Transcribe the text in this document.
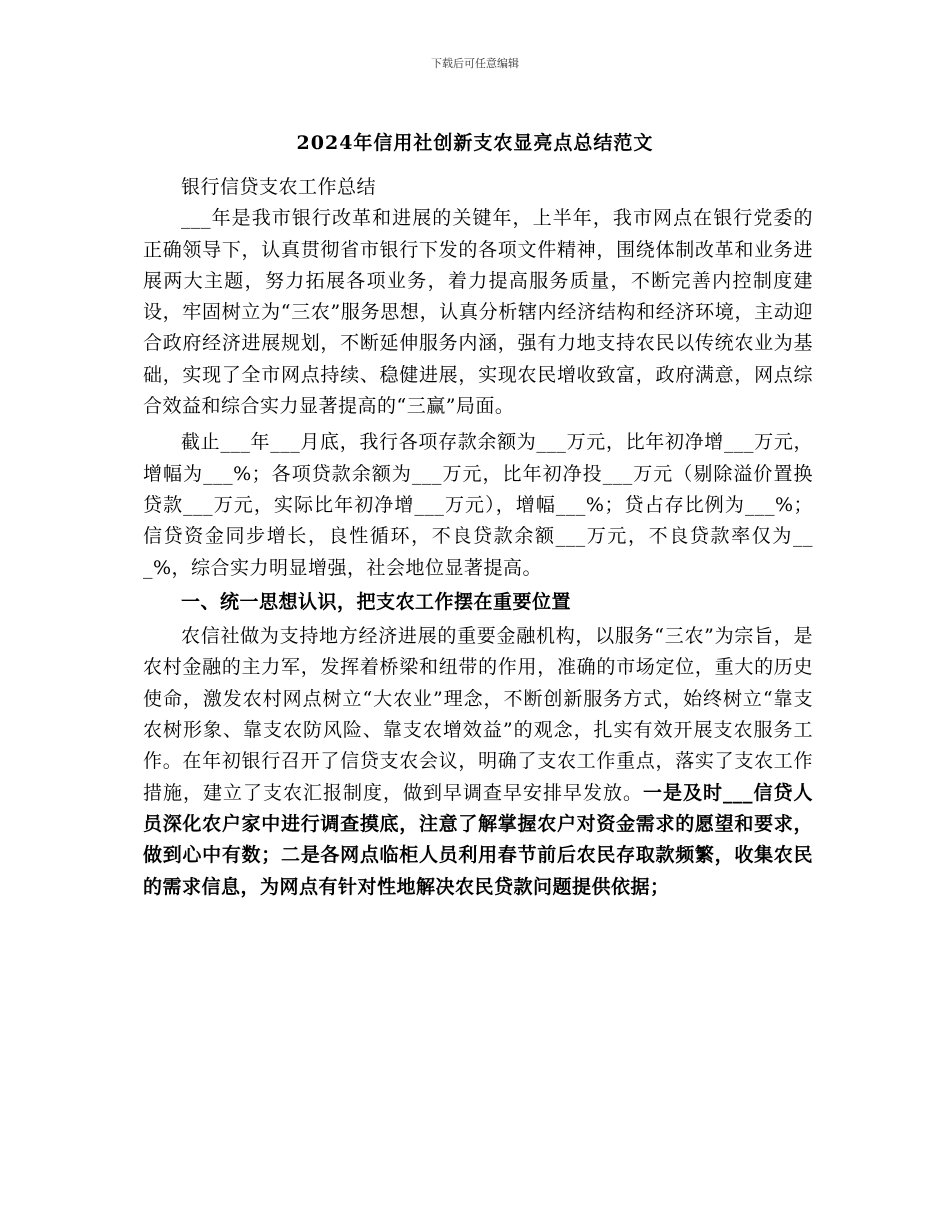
下载后可任意编辑
2024年信用社创新支农显亮点总结范文

银行信贷支农工作总结

___年是我市银行改革和进展的关键年，上半年，我市网点在银行党委的正确领导下，认真贯彻省市银行下发的各项文件精神，围绕体制改革和业务进展两大主题，努力拓展各项业务，着力提高服务质量，不断完善内控制度建设，牢固树立为“三农”服务思想，认真分析辖内经济结构和经济环境，主动迎合政府经济进展规划，不断延伸服务内涵，强有力地支持农民以传统农业为基础，实现了全市网点持续、稳健进展，实现农民增收致富，政府满意，网点综合效益和综合实力显著提高的“三赢”局面。

截止___年___月底，我行各项存款余额为___万元，比年初净增___万元，增幅为___%；各项贷款余额为___万元，比年初净投___万元（剔除溢价置换贷款___万元，实际比年初净增___万元），增幅___%；贷占存比例为___%；信贷资金同步增长，良性循环，不良贷款余额___万元，不良贷款率仅为___%，综合实力明显增强，社会地位显著提高。

一、统一思想认识，把支农工作摆在重要位置

农信社做为支持地方经济进展的重要金融机构，以服务“三农”为宗旨，是农村金融的主力军，发挥着桥梁和纽带的作用，准确的市场定位，重大的历史使命，激发农村网点树立“大农业”理念，不断创新服务方式，始终树立“靠支农树形象、靠支农防风险、靠支农增效益”的观念，扎实有效开展支农服务工作。在年初银行召开了信贷支农会议，明确了支农工作重点，落实了支农工作措施，建立了支农汇报制度，做到早调查早安排早发放。一是及时___信贷人员深化农户家中进行调查摸底，注意了解掌握农户对资金需求的愿望和要求，做到心中有数；二是各网点临柜人员利用春节前后农民存取款频繁，收集农民的需求信息，为网点有针对性地解决农民贷款问题提供依据；
